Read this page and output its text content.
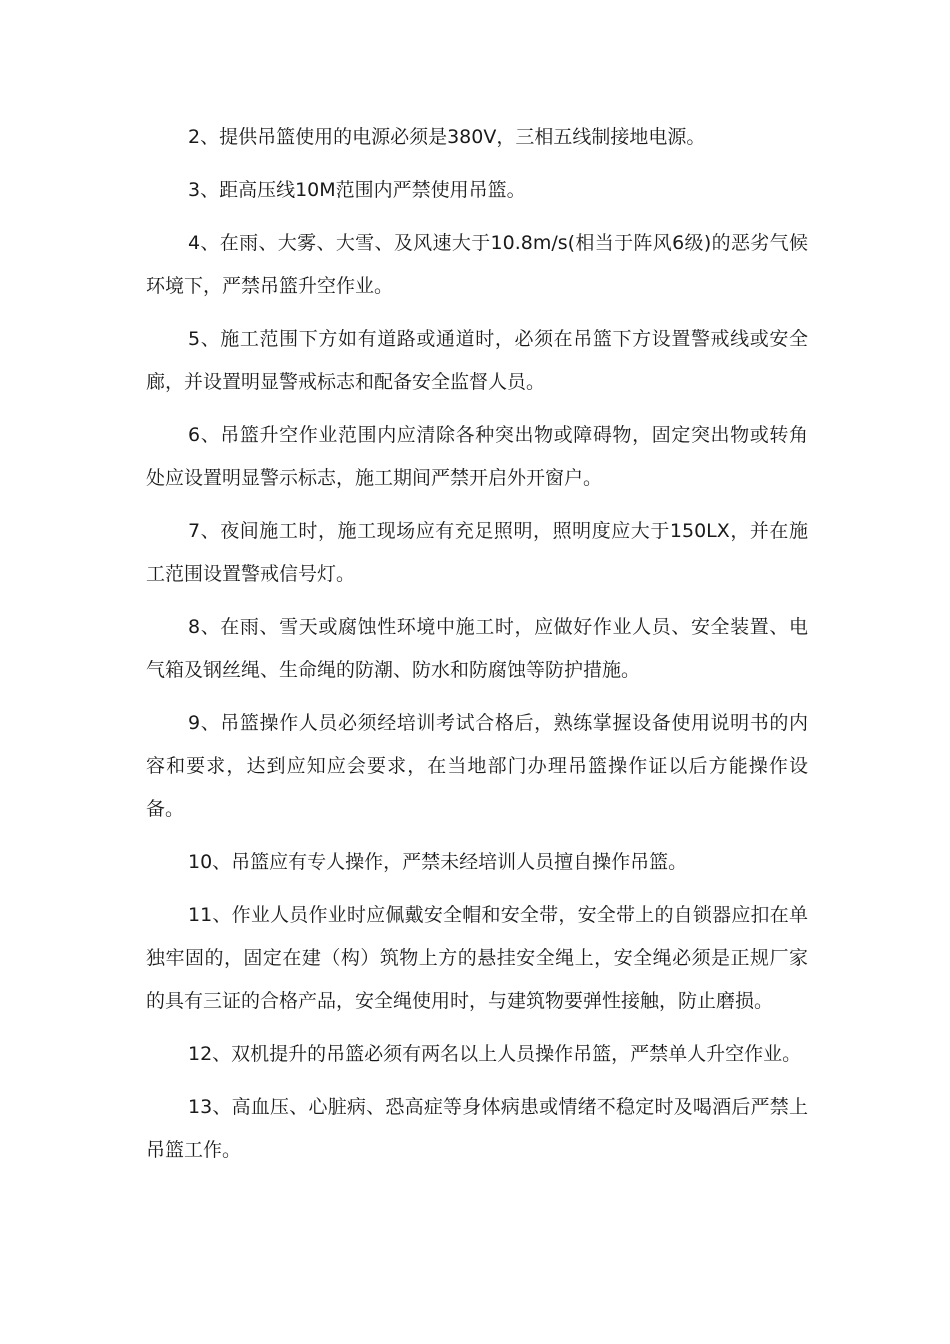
2、提供吊篮使用的电源必须是380V，三相五线制接地电源。

3、距高压线10M范围内严禁使用吊篮。

4、在雨、大雾、大雪、及风速大于10.8m/s(相当于阵风6级)的恶劣气候环境下，严禁吊篮升空作业。

5、施工范围下方如有道路或通道时，必须在吊篮下方设置警戒线或安全廊，并设置明显警戒标志和配备安全监督人员。

6、吊篮升空作业范围内应清除各种突出物或障碍物，固定突出物或转角处应设置明显警示标志，施工期间严禁开启外开窗户。

7、夜间施工时，施工现场应有充足照明，照明度应大于150LX，并在施工范围设置警戒信号灯。

8、在雨、雪天或腐蚀性环境中施工时，应做好作业人员、安全装置、电气箱及钢丝绳、生命绳的防潮、防水和防腐蚀等防护措施。

9、吊篮操作人员必须经培训考试合格后，熟练掌握设备使用说明书的内容和要求，达到应知应会要求，在当地部门办理吊篮操作证以后方能操作设备。

10、吊篮应有专人操作，严禁未经培训人员擅自操作吊篮。

11、作业人员作业时应佩戴安全帽和安全带，安全带上的自锁器应扣在单独牢固的，固定在建（构）筑物上方的悬挂安全绳上，安全绳必须是正规厂家的具有三证的合格产品，安全绳使用时，与建筑物要弹性接触，防止磨损。

12、双机提升的吊篮必须有两名以上人员操作吊篮，严禁单人升空作业。

13、高血压、心脏病、恐高症等身体病患或情绪不稳定时及喝酒后严禁上吊篮工作。
